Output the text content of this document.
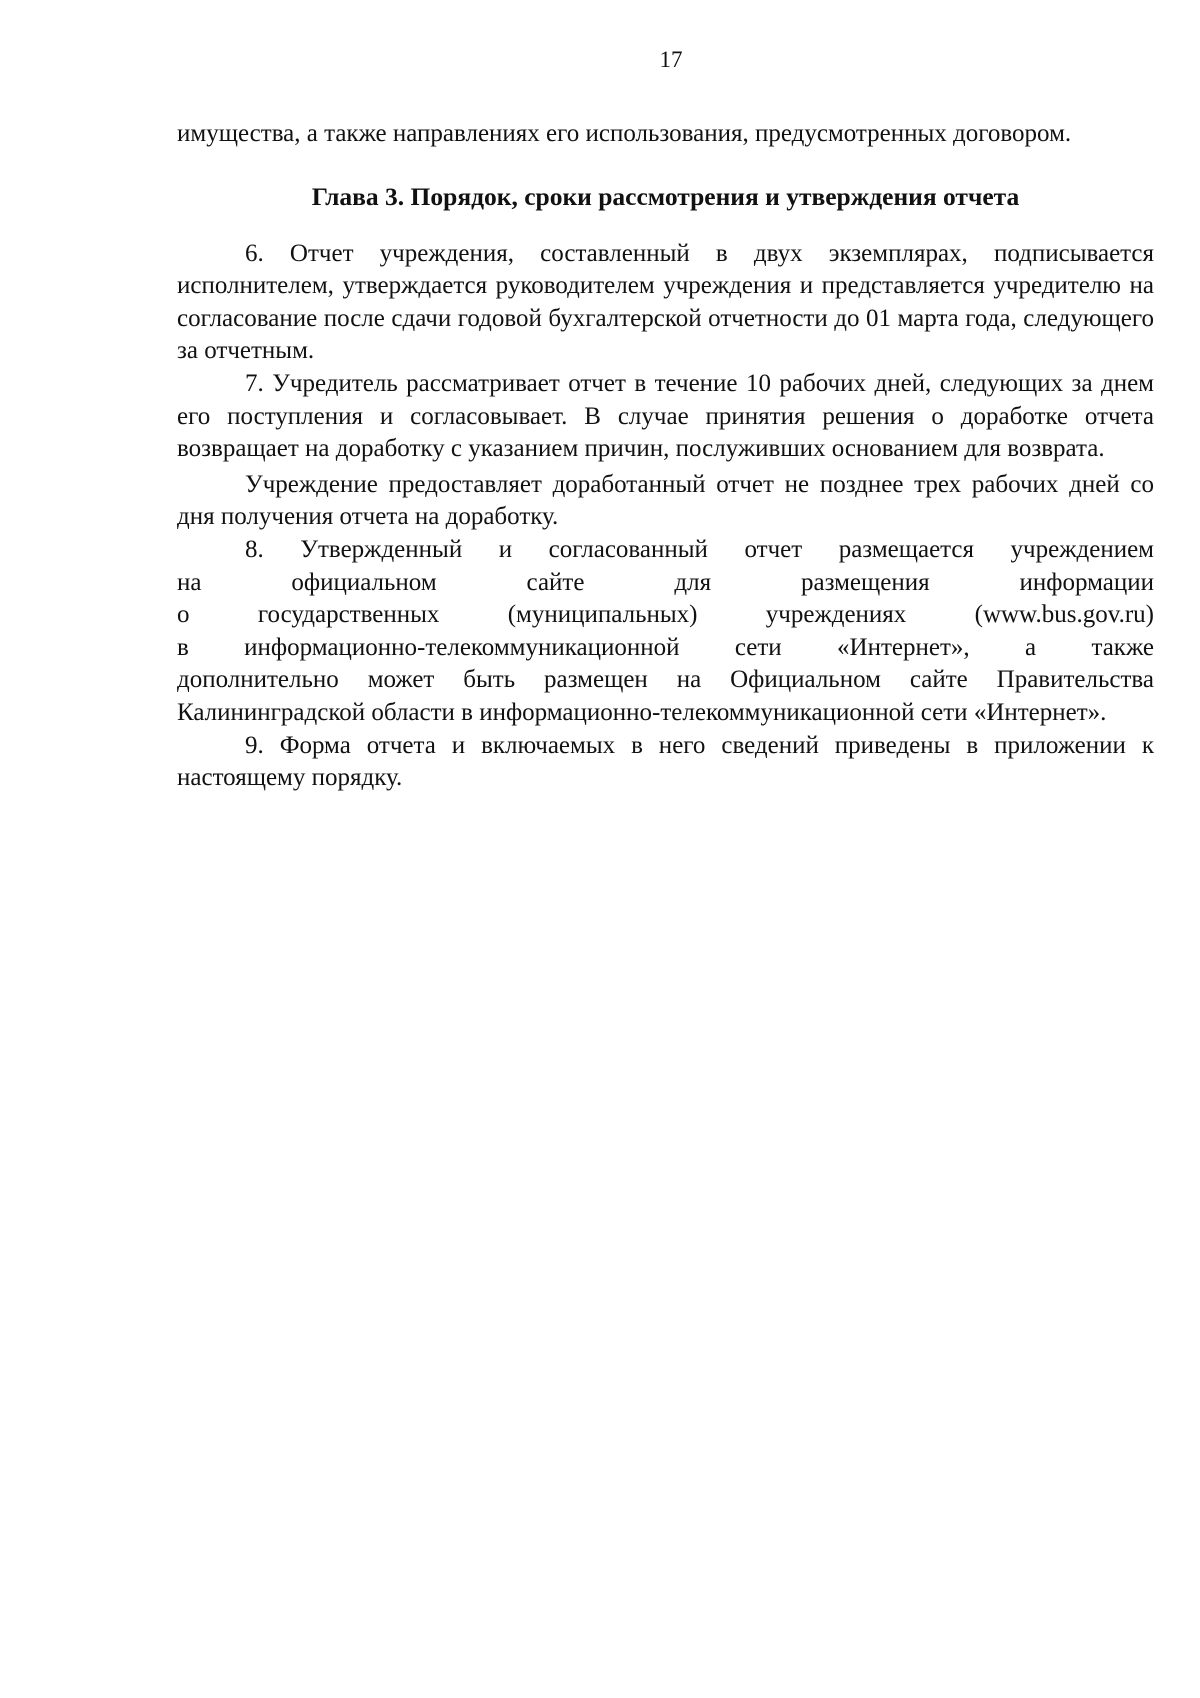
17

имущества, а также направлениях его использования, предусмотренных договором.

Глава 3. Порядок, сроки рассмотрения и утверждения отчета

6. Отчет учреждения, составленный в двух экземплярах, подписывается исполнителем, утверждается руководителем учреждения и представляется учредителю на согласование после сдачи годовой бухгалтерской отчетности до 01 марта года, следующего за отчетным.

7. Учредитель рассматривает отчет в течение 10 рабочих дней, следующих за днем его поступления и согласовывает. В случае принятия решения о доработке отчета возвращает на доработку с указанием причин, послуживших основанием для возврата.

Учреждение предоставляет доработанный отчет не позднее трех рабочих дней со дня получения отчета на доработку.

8. Утвержденный и согласованный отчет размещается учреждением
на официальном сайте для размещения информации
о государственных (муниципальных) учреждениях (www.bus.gov.ru)
в информационно-телекоммуникационной сети «Интернет», а также
дополнительно может быть размещен на Официальном сайте Правительства Калининградской области в информационно-телекоммуникационной сети «Интернет».

9. Форма отчета и включаемых в него сведений приведены в приложении к настоящему порядку.
